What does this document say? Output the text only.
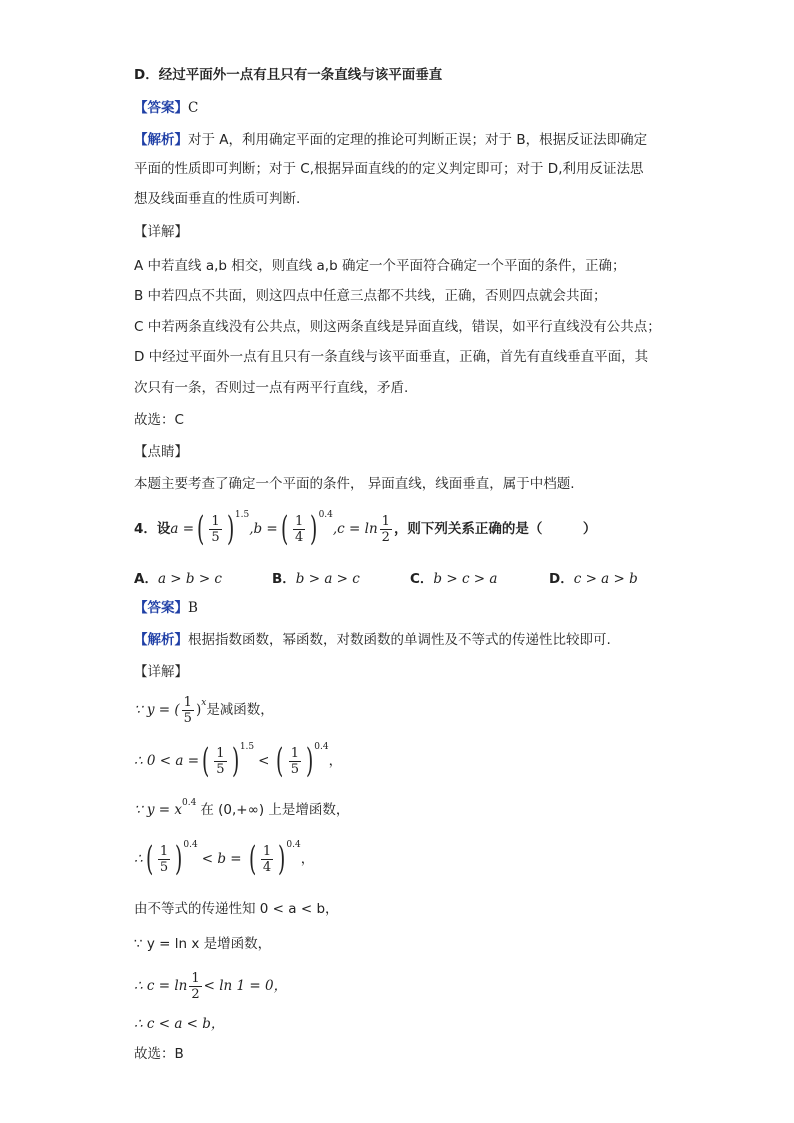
D．经过平面外一点有且只有一条直线与该平面垂直
【答案】C
【解析】对于 A，利用确定平面的定理的推论可判断正误；对于 B，根据反证法即确定
平面的性质即可判断；对于 C,根据异面直线的的定义判定即可；对于 D,利用反证法思
想及线面垂直的性质可判断.
【详解】
A 中若直线 a,b 相交，则直线 a,b 确定一个平面符合确定一个平面的条件，正确；
B 中若四点不共面，则这四点中任意三点都不共线，正确，否则四点就会共面；
C 中若两条直线没有公共点，则这两条直线是异面直线，错误，如平行直线没有公共点；
D 中经过平面外一点有且只有一条直线与该平面垂直，正确，首先有直线垂直平面，其
次只有一条，否则过一点有两平行直线，矛盾.
故选：C
【点睛】
本题主要考查了确定一个平面的条件， 异面直线，线面垂直，属于中档题.
4．设 a = ( $\frac{1}{5}$ ) 1.5
,b = ( $\frac{1}{4}$ ) 0.4
$,c = \ln \frac{1}{2}$ ，则下列关系正确的是（　　　）
A．a > b > c	B．b > a > c	C．b > c > a	D．c > a > b
【答案】B
【解析】根据指数函数，幂函数，对数函数的单调性及不等式的传递性比较即可.
【详解】
∵ y = ( $\frac{1}{5}$ ) x 是减函数，
∴ 0 < a = ( $\frac{1}{5}$ ) 1.5
< ( $\frac{1}{5}$ ) 0.4
，
∵ y = x 0.4 在 (0,+∞) 上是增函数，
∴ ( $\frac{1}{5}$ ) 0.4
< b = ( $\frac{1}{4}$ ) 0.4
，
由不等式的传递性知 0 < a < b，
∵ y = ln x 是增函数，
∴ $c = \ln \frac{1}{2} < \ln 1 = 0$，
∴ c < a < b，
故选：B
